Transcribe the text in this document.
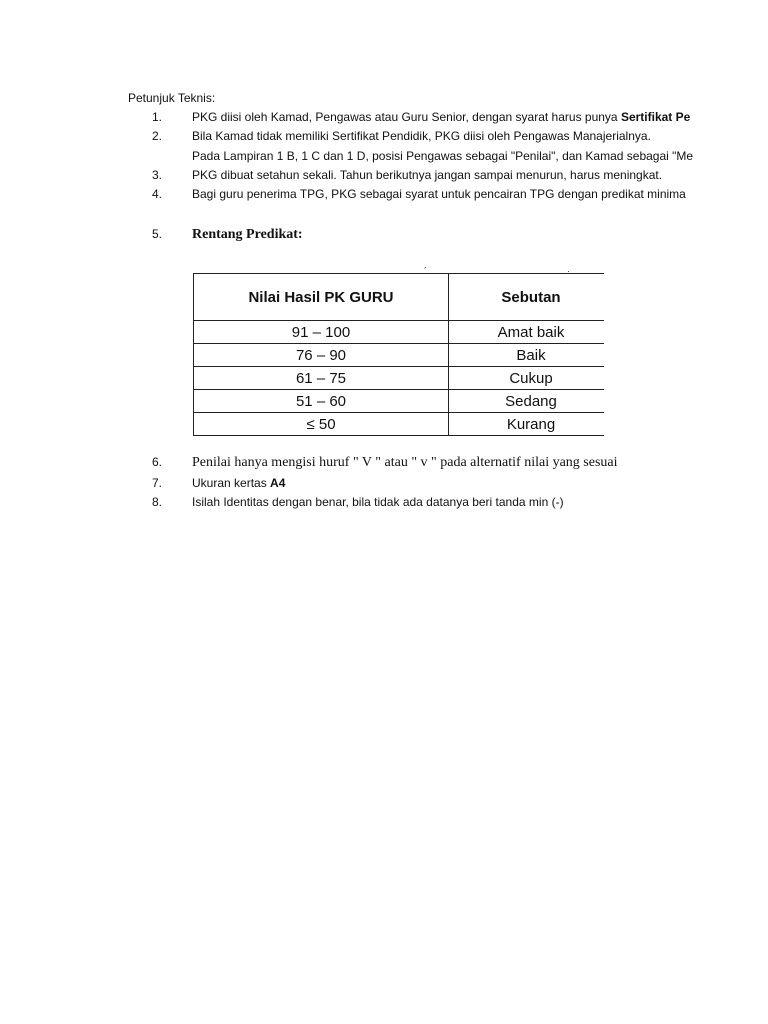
Petunjuk Teknis:
1.	PKG diisi oleh Kamad, Pengawas atau Guru Senior, dengan syarat harus punya Sertifikat Pe
2.	Bila Kamad tidak memiliki Sertifikat Pendidik, PKG diisi oleh Pengawas Manajerialnya.
Pada Lampiran 1 B, 1 C dan 1 D, posisi Pengawas sebagai "Penilai", dan Kamad sebagai "Me
3.	PKG dibuat setahun sekali. Tahun berikutnya jangan sampai menurun, harus meningkat.
4.	Bagi guru penerima TPG, PKG sebagai syarat untuk pencairan TPG dengan predikat minima
5.	Rentang Predikat:
´	·
Nilai Hasil PK GURU	Sebutan
91 – 100	Amat baik
76 – 90	Baik
61 – 75	Cukup
51 – 60	Sedang
≤ 50	Kurang
6.	Penilai hanya mengisi huruf " V " atau " v " pada alternatif nilai yang sesuai
7.	Ukuran kertas A4
8.	Isilah Identitas dengan benar, bila tidak ada datanya beri tanda min (-)
